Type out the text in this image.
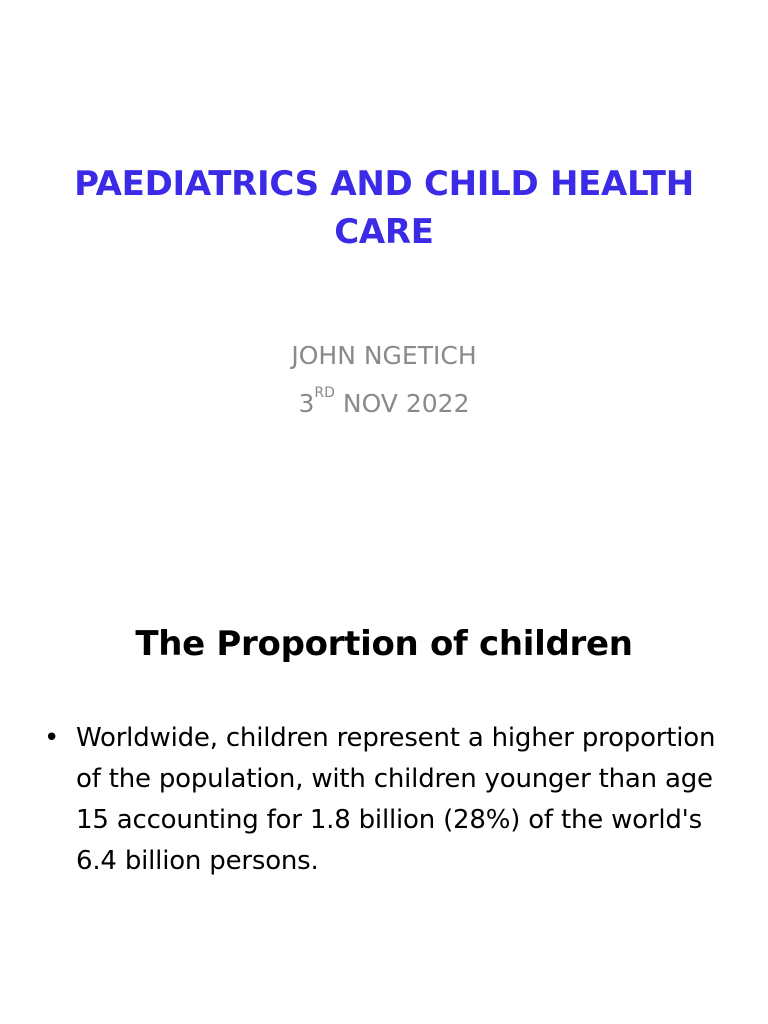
PAEDIATRICS AND CHILD HEALTH CARE
JOHN NGETICH
3RD NOV 2022
The Proportion of children
• Worldwide, children represent a higher proportion of the population, with children younger than age 15 accounting for 1.8 billion (28%) of the world's 6.4 billion persons.
